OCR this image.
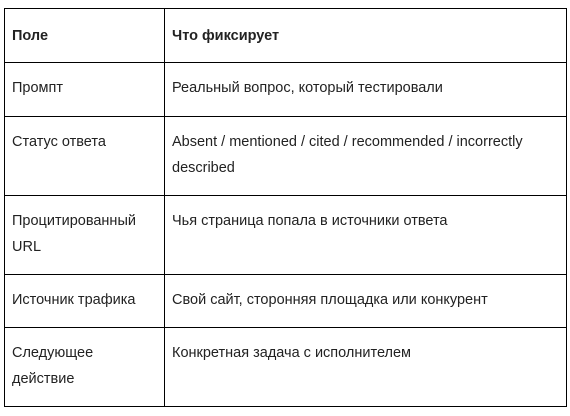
Поле	Что фиксирует
Промпт	Реальный вопрос, который тестировали
Статус ответа	Absent / mentioned / cited / recommended / incorrectly described
Процитированный URL	Чья страница попала в источники ответа
Источник трафика	Свой сайт, сторонняя площадка или конкурент
Следующее действие	Конкретная задача с исполнителем
